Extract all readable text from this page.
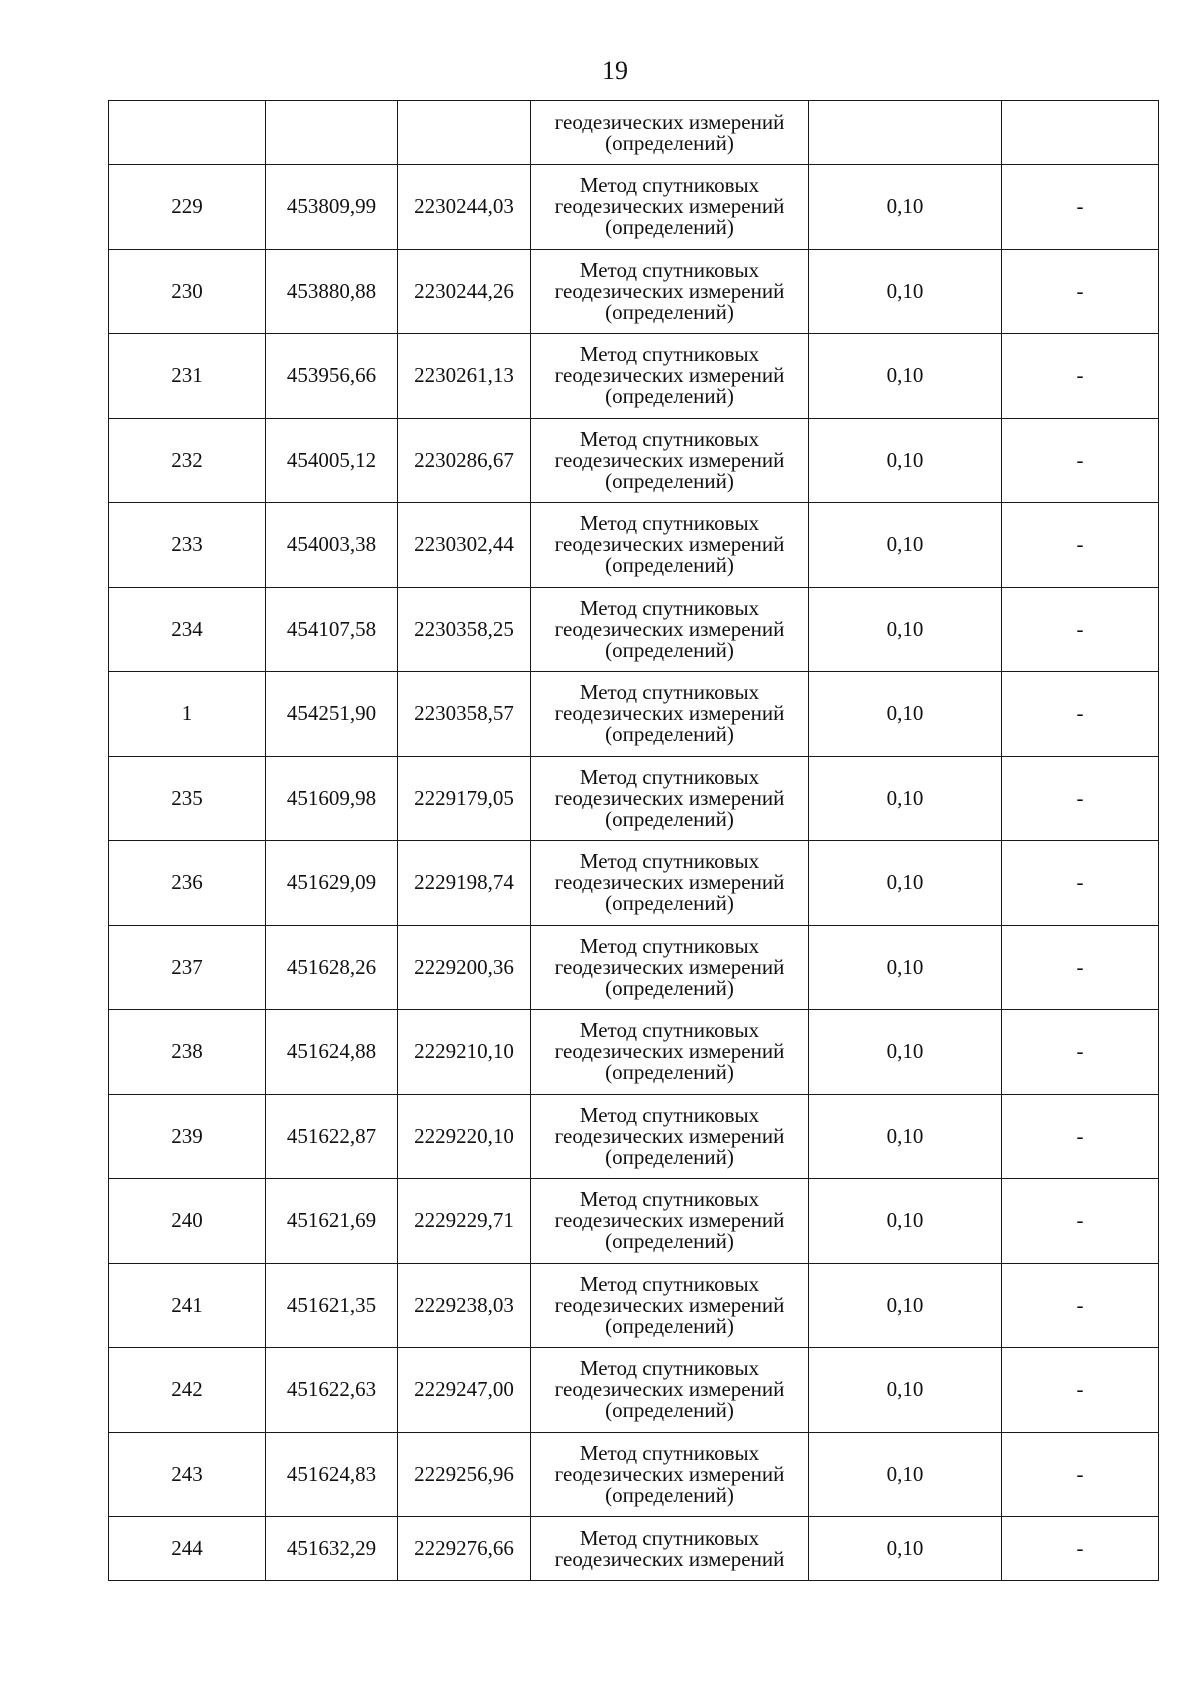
19

			геодезических измерений
(определений)		

229	453809,99	2230244,03	Метод спутниковых
геодезических измерений
(определений)	0,10	-
230	453880,88	2230244,26	Метод спутниковых
геодезических измерений
(определений)	0,10	-
231	453956,66	2230261,13	Метод спутниковых
геодезических измерений
(определений)	0,10	-
232	454005,12	2230286,67	Метод спутниковых
геодезических измерений
(определений)	0,10	-
233	454003,38	2230302,44	Метод спутниковых
геодезических измерений
(определений)	0,10	-
234	454107,58	2230358,25	Метод спутниковых
геодезических измерений
(определений)	0,10	-
1	454251,90	2230358,57	Метод спутниковых
геодезических измерений
(определений)	0,10	-
235	451609,98	2229179,05	Метод спутниковых
геодезических измерений
(определений)	0,10	-
236	451629,09	2229198,74	Метод спутниковых
геодезических измерений
(определений)	0,10	-
237	451628,26	2229200,36	Метод спутниковых
геодезических измерений
(определений)	0,10	-
238	451624,88	2229210,10	Метод спутниковых
геодезических измерений
(определений)	0,10	-
239	451622,87	2229220,10	Метод спутниковых
геодезических измерений
(определений)	0,10	-
240	451621,69	2229229,71	Метод спутниковых
геодезических измерений
(определений)	0,10	-
241	451621,35	2229238,03	Метод спутниковых
геодезических измерений
(определений)	0,10	-
242	451622,63	2229247,00	Метод спутниковых
геодезических измерений
(определений)	0,10	-
243	451624,83	2229256,96	Метод спутниковых
геодезических измерений
(определений)	0,10	-
244	451632,29	2229276,66	Метод спутниковых
геодезических измерений	0,10	-
